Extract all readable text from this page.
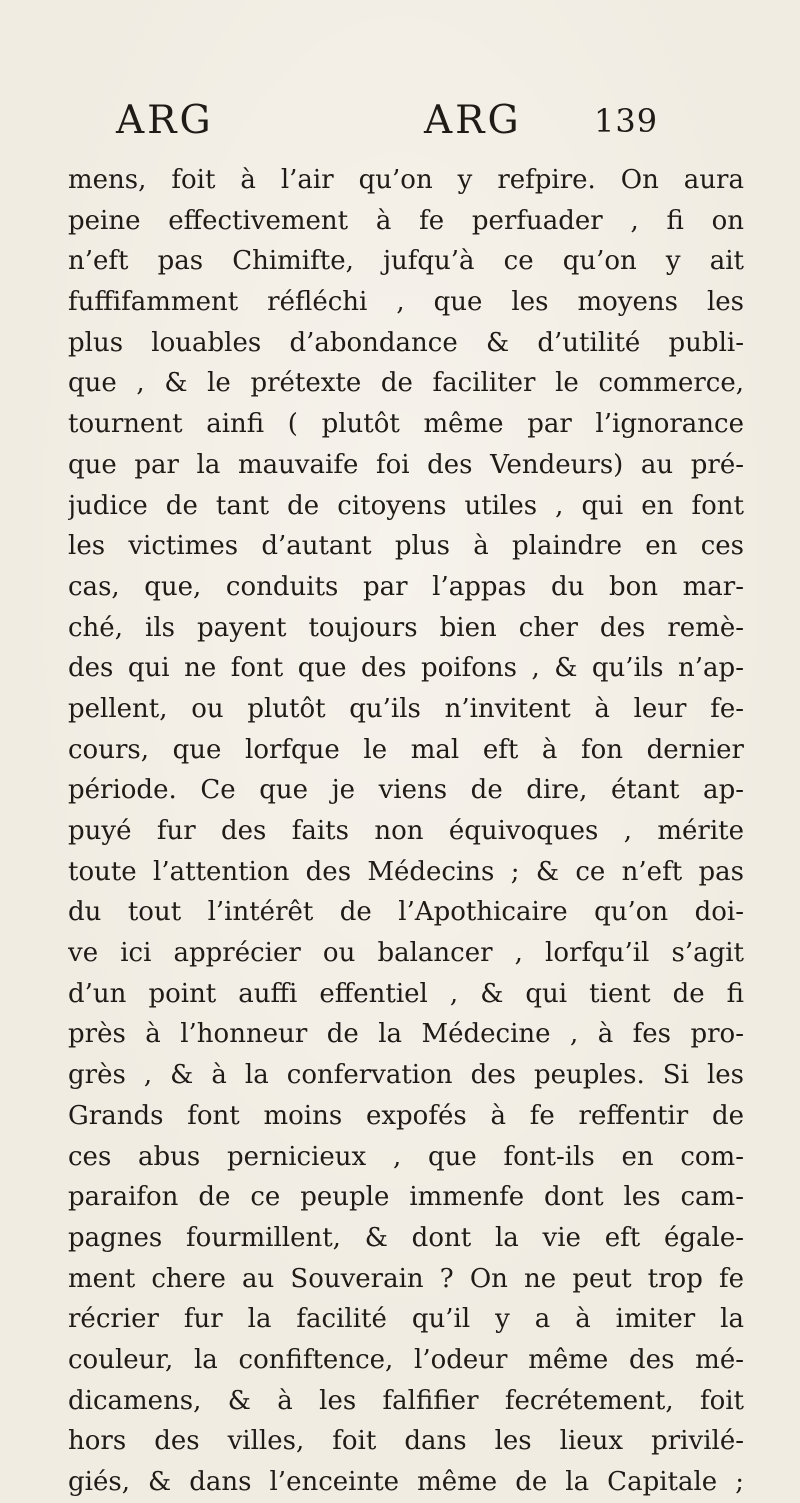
ARG	ARG 139
mens, foit à l’air qu’on y refpire. On aura
peine effectivement à fe perfuader , fi on
n’eft pas Chimifte, jufqu’à ce qu’on y ait
fuffifamment réfléchi , que les moyens les
plus louables d’abondance & d’utilité publi-
que , & le prétexte de faciliter le commerce,
tournent ainfi ( plutôt même par l’ignorance
que par la mauvaife foi des Vendeurs) au pré-
judice de tant de citoyens utiles , qui en font
les victimes d’autant plus à plaindre en ces
cas, que, conduits par l’appas du bon mar-
ché, ils payent toujours bien cher des remè-
des qui ne font que des poifons , & qu’ils n’ap-
pellent, ou plutôt qu’ils n’invitent à leur fe-
cours, que lorfque le mal eft à fon dernier
période. Ce que je viens de dire, étant ap-
puyé fur des faits non équivoques , mérite
toute l’attention des Médecins ; & ce n’eft pas
du tout l’intérêt de l’Apothicaire qu’on doi-
ve ici apprécier ou balancer , lorfqu’il s’agit
d’un point auffi effentiel , & qui tient de fi
près à l’honneur de la Médecine , à fes pro-
grès , & à la confervation des peuples. Si les
Grands font moins expofés à fe reffentir de
ces abus pernicieux , que font-ils en com-
paraifon de ce peuple immenfe dont les cam-
pagnes fourmillent, & dont la vie eft égale-
ment chere au Souverain ? On ne peut trop fe
récrier fur la facilité qu’il y a à imiter la
couleur, la confiftence, l’odeur même des mé-
dicamens, & à les falfifier fecrétement, foit
hors des villes, foit dans les lieux privilé-
giés, & dans l’enceinte même de la Capitale ;
